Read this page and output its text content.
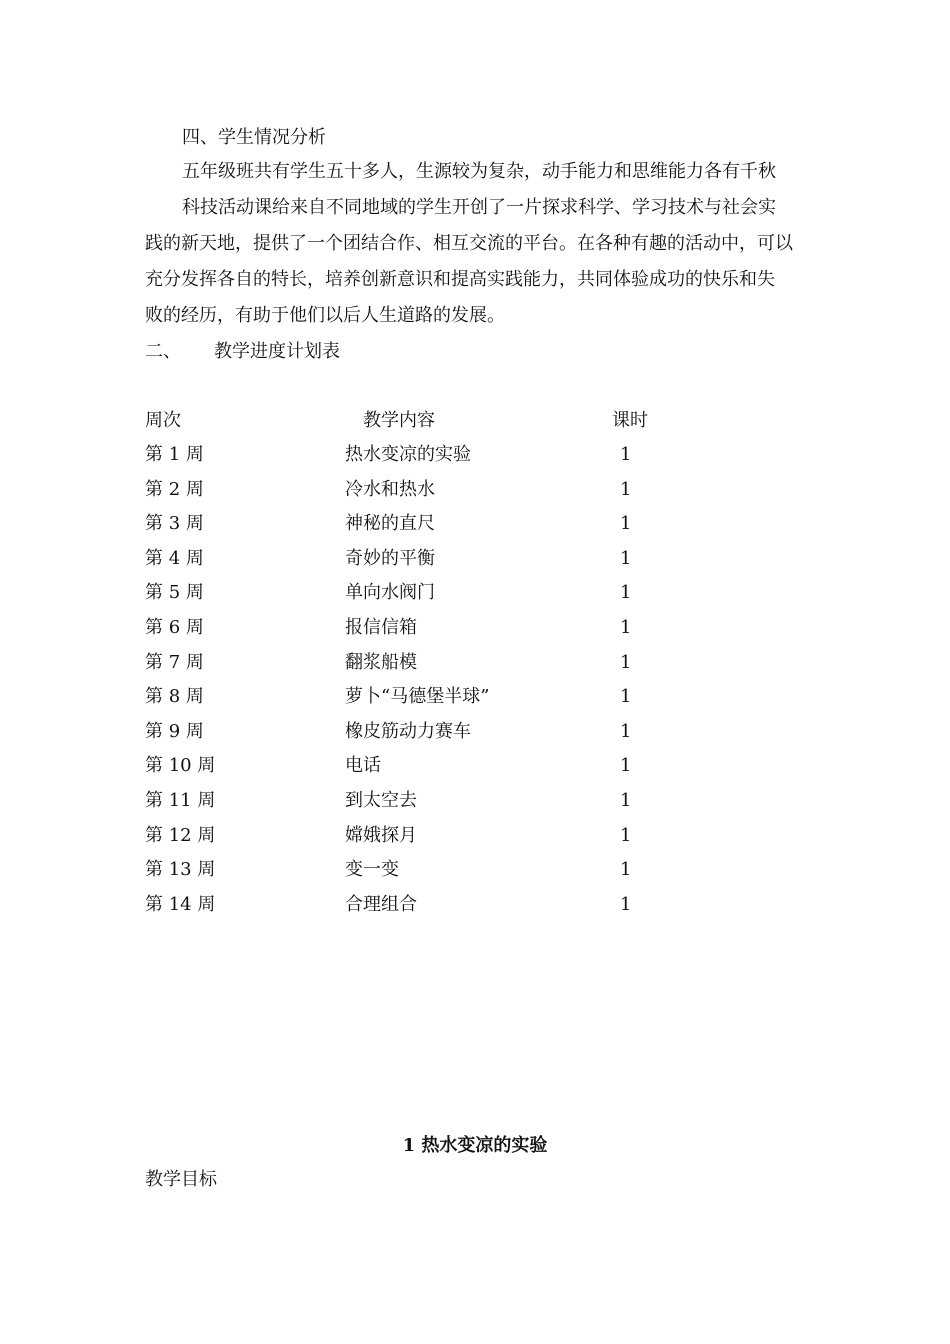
四、学生情况分析
五年级班共有学生五十多人，生源较为复杂，动手能力和思维能力各有千秋
科技活动课给来自不同地域的学生开创了一片探求科学、学习技术与社会实
践的新天地，提供了一个团结合作、相互交流的平台。在各种有趣的活动中，可以
充分发挥各自的特长，培养创新意识和提高实践能力，共同体验成功的快乐和失
败的经历，有助于他们以后人生道路的发展。
二、 教学进度计划表
周次	教学内容	课时
第 1 周	热水变凉的实验	1
第 2 周	冷水和热水	1
第 3 周	神秘的直尺	1
第 4 周	奇妙的平衡	1
第 5 周	单向水阀门	1
第 6 周	报信信箱	1
第 7 周	翻浆船模	1
第 8 周	萝卜“马德堡半球”	1
第 9 周	橡皮筋动力赛车	1
第 10 周	电话	1
第 11 周	到太空去	1
第 12 周	嫦娥探月	1
第 13 周	变一变	1
第 14 周	合理组合	1
1 热水变凉的实验
教学目标
